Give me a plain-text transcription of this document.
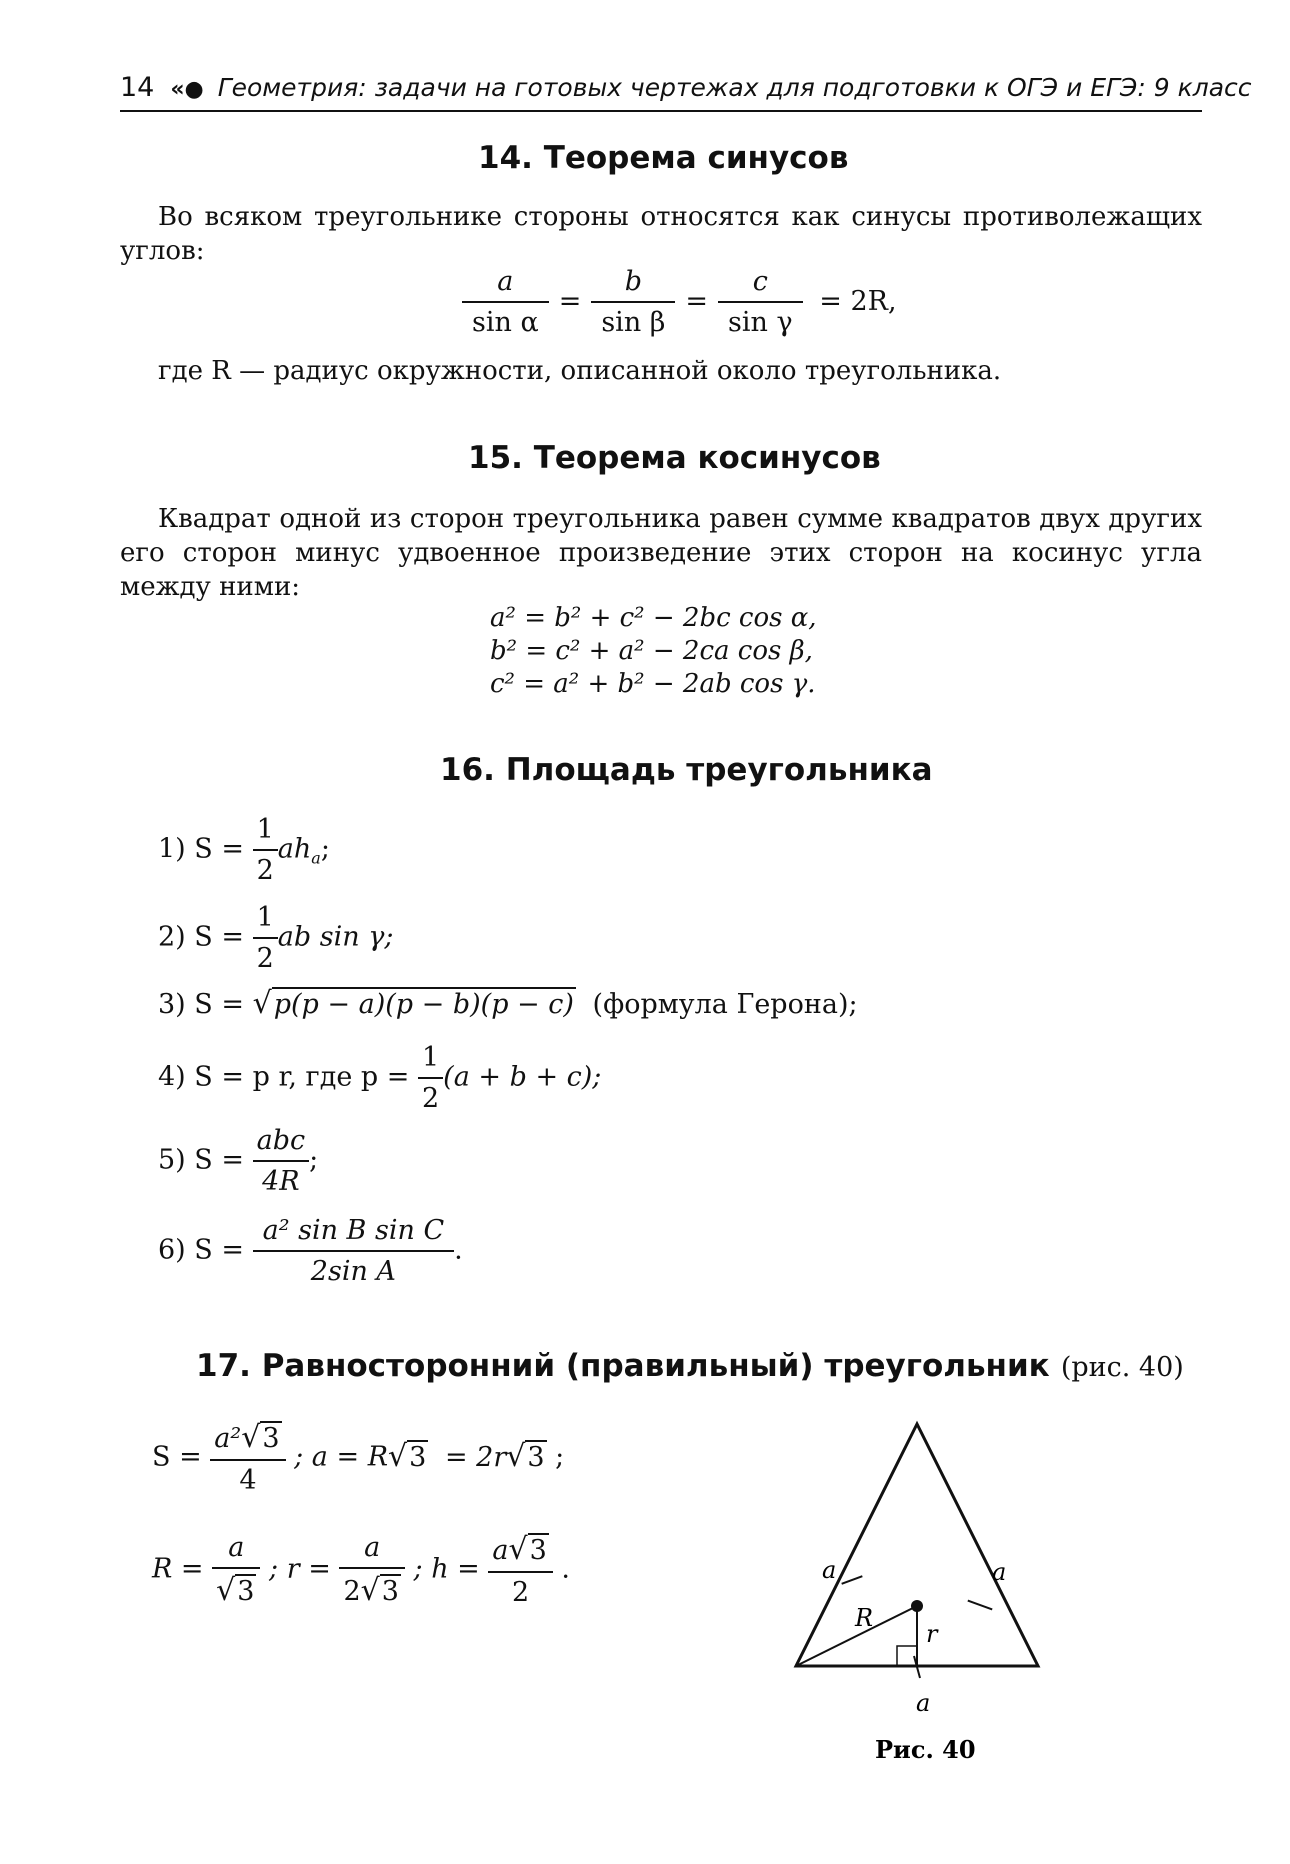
14 «● Геометрия: задачи на готовых чертежах для подготовки к ОГЭ и ЕГЭ: 9 класс
14. Теорема синусов
Во всяком треугольнике стороны относятся как синусы противолежащих углов:
$\frac{a}{\text{sin α}} = \frac{b}{\text{sin β}} = \frac{c}{\text{sin γ}} = 2R$,
где R — радиус окружности, описанной около треугольника.
15. Теорема косинусов
Квадрат одной из сторон треугольника равен сумме квадратов двух других его сторон минус удвоенное произведение этих сторон на косинус угла между ними:
a² = b² + c² − 2bc cos α,
b² = c² + a² − 2ca cos β,
c² = a² + b² − 2ab cos γ.
16. Площадь треугольника
1) $S = \frac{1}{2} ah_a$;
2) $S = \frac{1}{2}$ ab sin γ;
3) S = √p(p − a)(p − b)(p − c) (формула Герона);
4) S = p r, где $p = \frac{1}{2} (a + b + c)$;
5) $S = \frac{\text{abc}}{4R}$ ;
6) $S = \frac{\text{a² sin B sin C}}{\text{2sin A}}$ .
17. Равносторонний (правильный) треугольник (рис. 40)
$S = \frac{\text{a²√3}}{4}$ ; a = R√3 = 2r√3 ;
$R = \frac{a}{√3}$ ; $r = \frac{a}{2√3}$ ; $h = \frac{a√3}{2}$ .	a	a
a
R
r
Рис. 40
